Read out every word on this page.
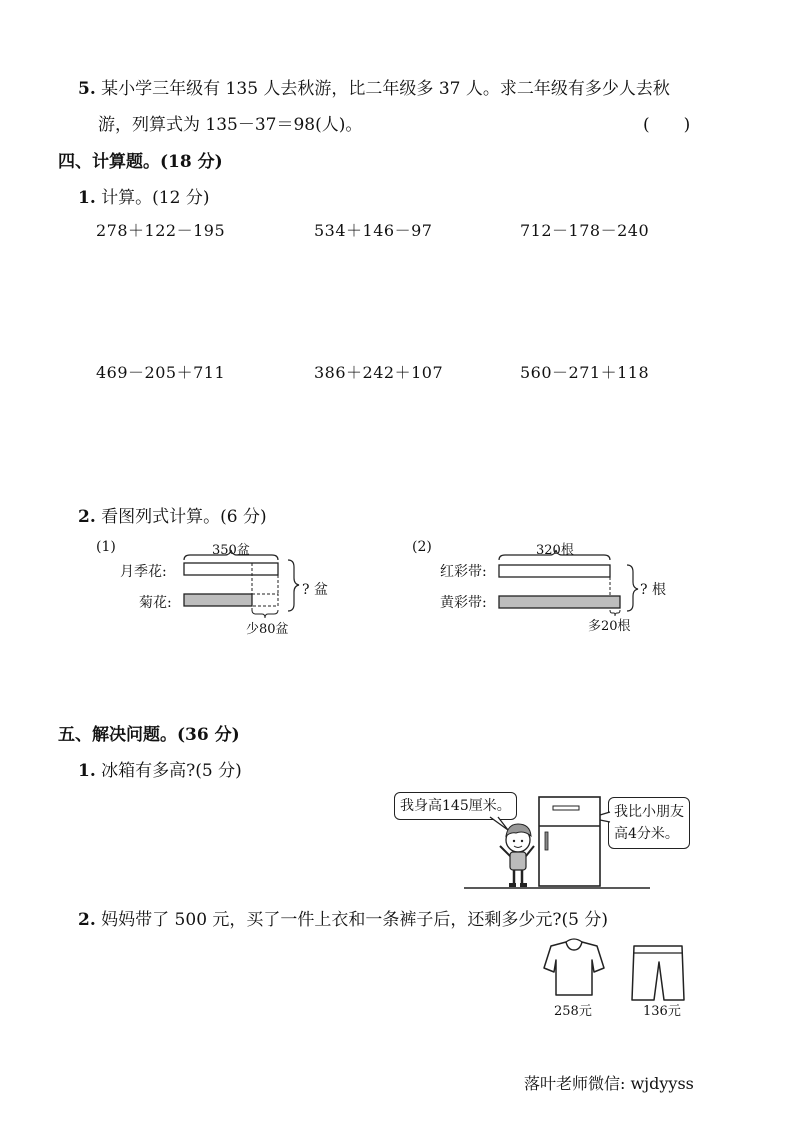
5. 某小学三年级有 135 人去秋游，比二年级多 37 人。求二年级有多少人去秋
游，列算式为 135－37＝98(人)。	(　　)
四、计算题。(18 分)
1. 计算。(12 分)
278＋122－195	534＋146－97	712－178－240
469－205＋711	386＋242＋107	560－271＋118
2. 看图列式计算。(6 分)
(1)	350盆
月季花:
菊花:
? 盆
少80盆
(2)	320根
红彩带:
黄彩带:
? 根
多20根
五、解决问题。(36 分)
1. 冰箱有多高?(5 分)
我身高145厘米。	我比小朋友
高4分米。
2. 妈妈带了 500 元，买了一件上衣和一条裤子后，还剩多少元?(5 分)
258元	136元
落叶老师微信: wjdyyss
